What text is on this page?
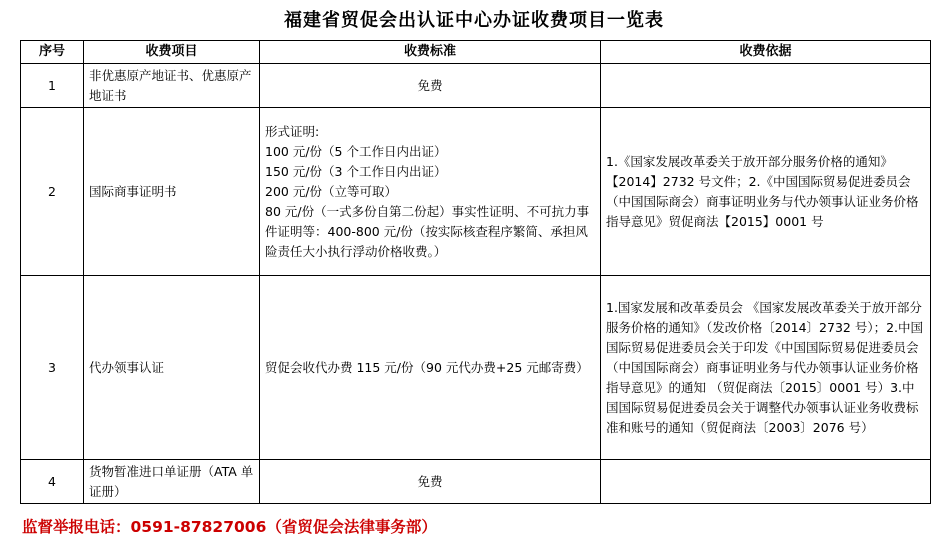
福建省贸促会出认证中心办证收费项目一览表
序号	收费项目	收费标准	收费依据
1	非优惠原产地证书、优惠原产地证书	免费	
2	国际商事证明书	形式证明:
100 元/份（5 个工作日内出证）
150 元/份（3 个工作日内出证）
200 元/份（立等可取）
80 元/份（一式多份自第二份起）事实性证明、不可抗力事件证明等：400-800 元/份（按实际核查程序繁简、承担风险责任大小执行浮动价格收费。）	1.《国家发展改革委关于放开部分服务价格的通知》【2014】2732 号文件；2.《中国国际贸易促进委员会（中国国际商会）商事证明业务与代办领事认证业务价格指导意见》贸促商法【2015】0001 号
3	代办领事认证	贸促会收代办费 115 元/份（90 元代办费+25 元邮寄费）	1.国家发展和改革委员会 《国家发展改革委关于放开部分服务价格的通知》（发改价格〔2014〕2732 号）；2.中国国际贸易促进委员会关于印发《中国国际贸易促进委员会（中国国际商会）商事证明业务与代办领事认证业务价格指导意见》的通知 （贸促商法〔2015〕0001 号）3.中国国际贸易促进委员会关于调整代办领事认证业务收费标准和账号的通知（贸促商法〔2003〕2076 号）
4	货物暂准进口单证册（ATA 单证册）	免费	
监督举报电话：0591-87827006（省贸促会法律事务部）
